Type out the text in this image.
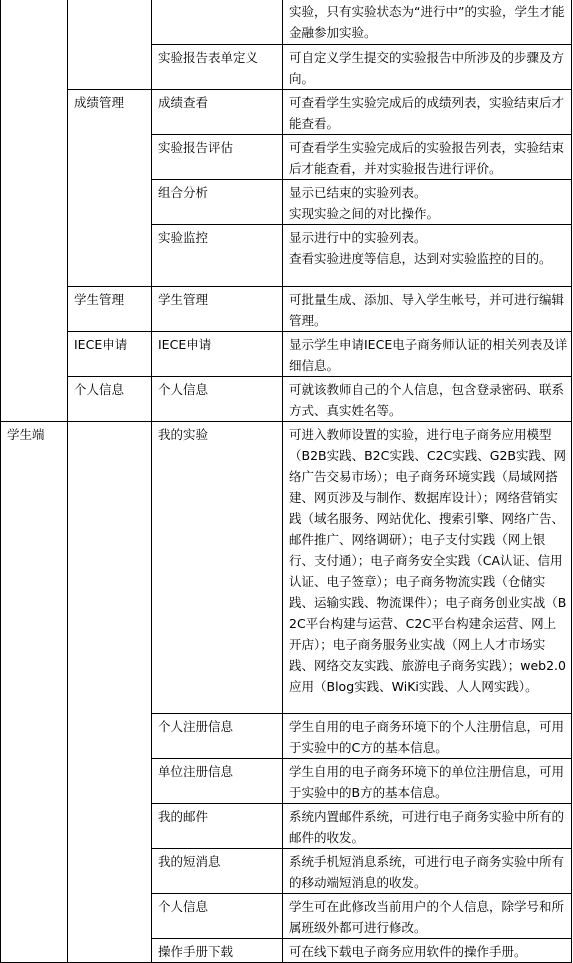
			实验，只有实验状态为“进行中”的实验，学生才能金融参加实验。
		实验报告表单定义	可自定义学生提交的实验报告中所涉及的步骤及方向。
	成绩管理	成绩查看	可查看学生实验完成后的成绩列表，实验结束后才能查看。
		实验报告评估	可查看学生实验完成后的实验报告列表，实验结束后才能查看，并对实验报告进行评价。
		组合分析	显示已结束的实验列表。
实现实验之间的对比操作。
		实验监控	显示进行中的实验列表。
查看实验进度等信息，达到对实验监控的目的。
	学生管理	学生管理	可批量生成、添加、导入学生帐号，并可进行编辑管理。
	IECE申请	IECE申请	显示学生申请IECE电子商务师认证的相关列表及详细信息。
	个人信息	个人信息	可就该教师自己的个人信息，包含登录密码、联系方式、真实姓名等。
学生端		我的实验	可进入教师设置的实验，进行电子商务应用模型（B2B实践、B2C实践、C2C实践、G2B实践、网络广告交易市场）；电子商务环境实践（局域网搭建、网页涉及与制作、数据库设计）；网络营销实践（域名服务、网站优化、搜索引擎、网络广告、邮件推广、网络调研）；电子支付实践（网上银行、支付通）；电子商务安全实践（CA认证、信用认证、电子签章）；电子商务物流实践（仓储实践、运输实践、物流课件）；电子商务创业实战（B2C平台构建与运营、C2C平台构建余运营、网上开店）；电子商务服务业实战（网上人才市场实践、网络交友实践、旅游电子商务实践）；web2.0应用（Blog实践、WiKi实践、人人网实践）。
		个人注册信息	学生自用的电子商务环境下的个人注册信息，可用于实验中的C方的基本信息。
		单位注册信息	学生自用的电子商务环境下的单位注册信息，可用于实验中的B方的基本信息。
		我的邮件	系统内置邮件系统，可进行电子商务实验中所有的邮件的收发。
		我的短消息	系统手机短消息系统，可进行电子商务实验中所有的移动端短消息的收发。
		个人信息	学生可在此修改当前用户的个人信息，除学号和所属班级外都可进行修改。
		操作手册下载	可在线下载电子商务应用软件的操作手册。
